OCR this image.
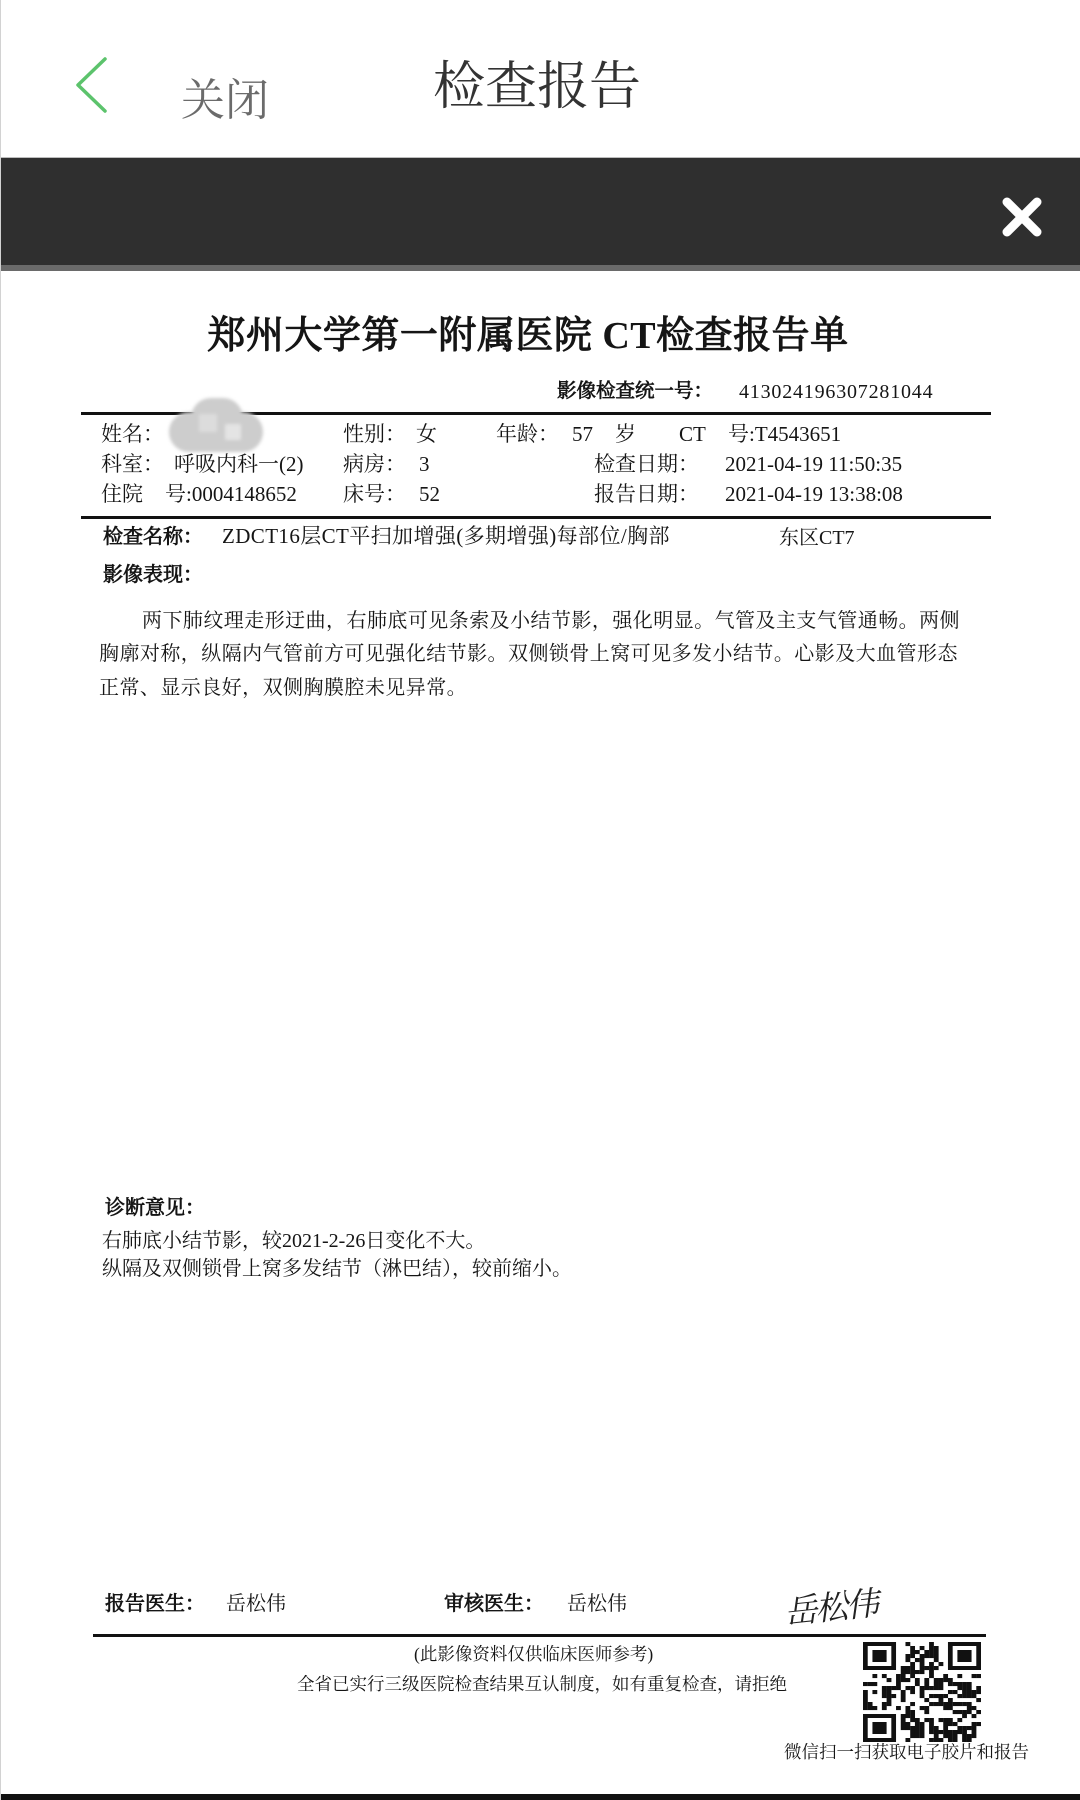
关闭	检查报告
郑州大学第一附属医院 CT检查报告单
影像检查统一号： 413024196307281044
姓名：	性别： 女	年龄： 57 岁 CT 号:T4543651
科室： 呼吸内科一(2) 病房： 3	检查日期： 2021-04-19 11:50:35
住院 号:0004148652 床号： 52	报告日期： 2021-04-19 13:38:08
检查名称： ZDCT16层CT平扫加增强(多期增强)每部位/胸部	东区CT7
影像表现：
两下肺纹理走形迂曲，右肺底可见条索及小结节影，强化明显。气管及主支气管通畅。两侧
胸廓对称，纵隔内气管前方可见强化结节影。双侧锁骨上窝可见多发小结节。心影及大血管形态
正常、显示良好，双侧胸膜腔未见异常。
诊断意见：
右肺底小结节影，较2021-2-26日变化不大。
纵隔及双侧锁骨上窝多发结节（淋巴结），较前缩小。
报告医生： 岳松伟	审核医生： 岳松伟	岳松伟
(此影像资料仅供临床医师参考)
全省已实行三级医院检查结果互认制度，如有重复检查，请拒绝
微信扫一扫获取电子胶片和报告
